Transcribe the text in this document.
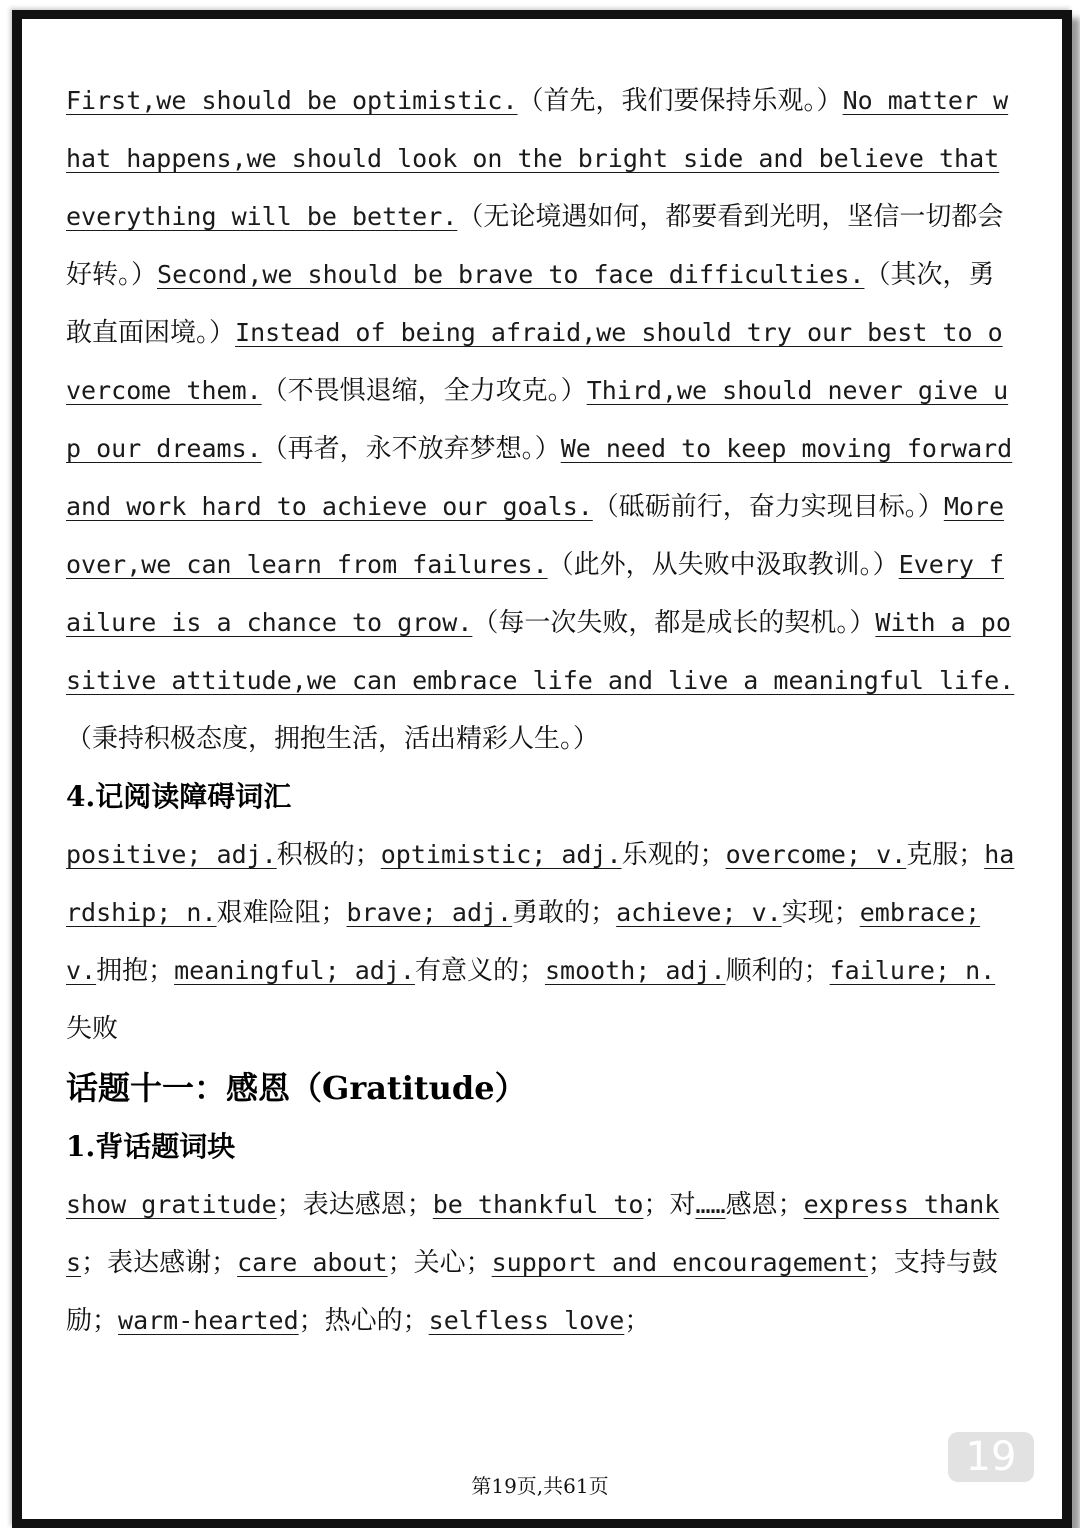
First,we should be optimistic.（首先，我们要保持乐观。）No matter what happens,we should look on the bright side and believe that everything will be better.（无论境遇如何，都要看到光明，坚信一切都会好转。）Second,we should be brave to face difficulties.（其次，勇敢直面困境。）Instead of being afraid,we should try our best to overcome them.（不畏惧退缩，全力攻克。）Third,we should never give up our dreams.（再者，永不放弃梦想。）We need to keep moving forward and work hard to achieve our goals.（砥砺前行，奋力实现目标。）Moreover,we can learn from failures.（此外，从失败中汲取教训。）Every failure is a chance to grow.（每一次失败，都是成长的契机。）With a positive attitude,we can embrace life and live a meaningful life.（秉持积极态度，拥抱生活，活出精彩人生。）

4.记阅读障碍词汇

positive; adj.积极的；optimistic; adj.乐观的；overcome; v.克服；hardship; n.艰难险阻；brave; adj.勇敢的；achieve; v.实现；embrace; v.拥抱；meaningful; adj.有意义的；smooth; adj.顺利的；failure; n.失败

话题十一：感恩（Gratitude）

1.背话题词块

show gratitude；表达感恩；be thankful to；对……感恩；express thanks；表达感谢；care about；关心；support and encouragement；支持与鼓励；warm-hearted；热心的；selfless love；

19
第19页,共61页
